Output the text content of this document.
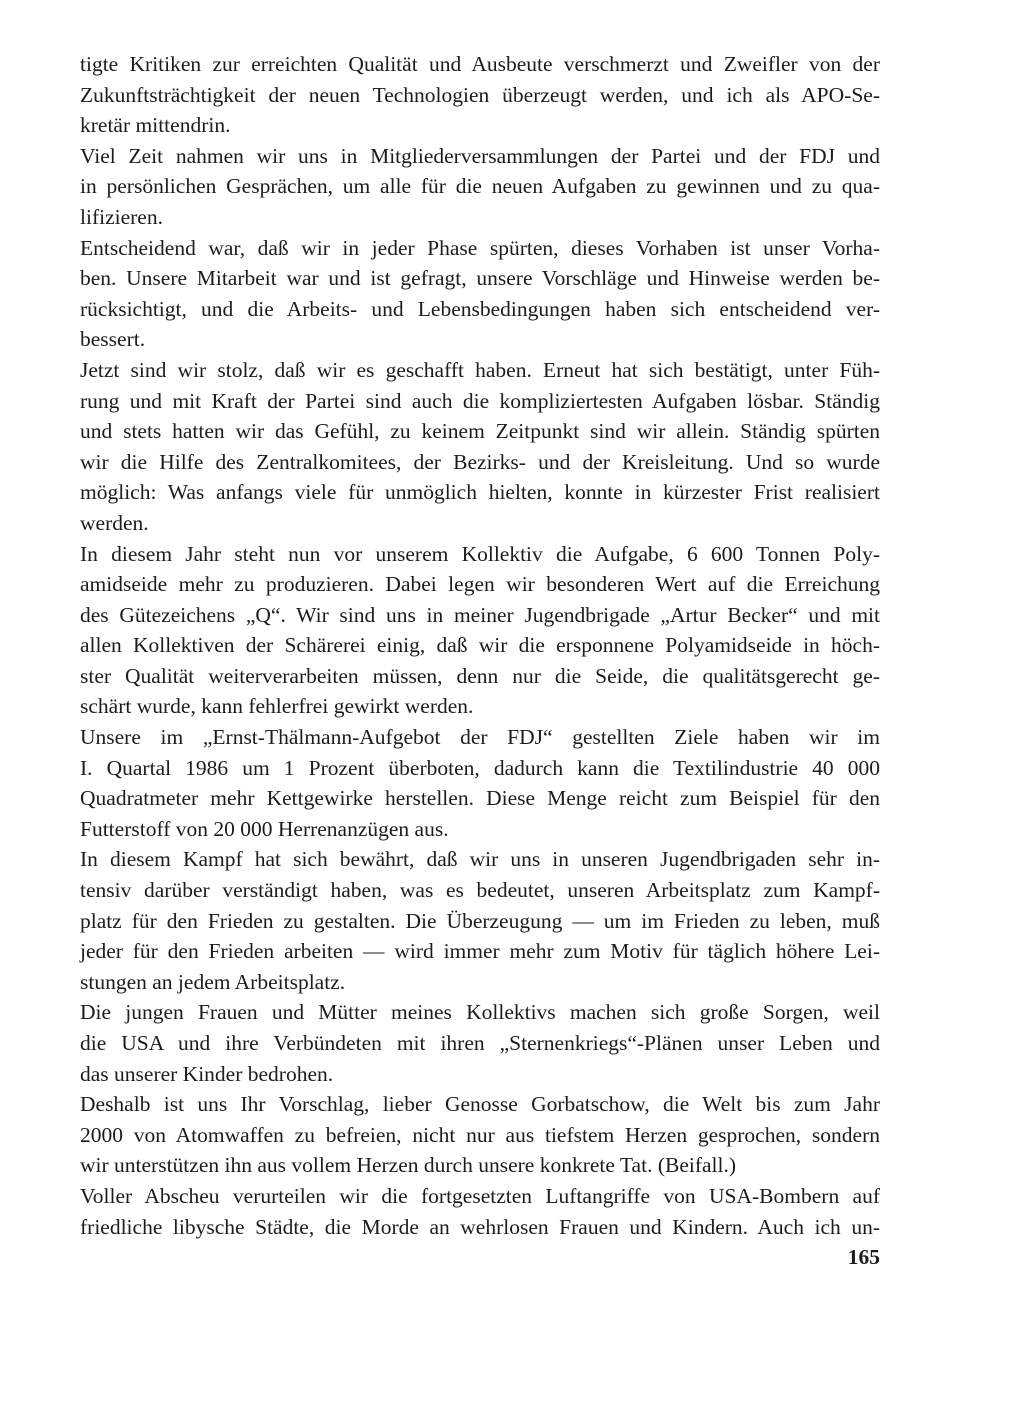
tigte Kritiken zur erreichten Qualität und Ausbeute verschmerzt und Zweifler von der
Zukunftsträchtigkeit der neuen Technologien überzeugt werden, und ich als APO-Se-
kretär mittendrin.
Viel Zeit nahmen wir uns in Mitgliederversammlungen der Partei und der FDJ und
in persönlichen Gesprächen, um alle für die neuen Aufgaben zu gewinnen und zu qua-
lifizieren.
Entscheidend war, daß wir in jeder Phase spürten, dieses Vorhaben ist unser Vorha-
ben. Unsere Mitarbeit war und ist gefragt, unsere Vorschläge und Hinweise werden be-
rücksichtigt, und die Arbeits- und Lebensbedingungen haben sich entscheidend ver-
bessert.
Jetzt sind wir stolz, daß wir es geschafft haben. Erneut hat sich bestätigt, unter Füh-
rung und mit Kraft der Partei sind auch die kompliziertesten Aufgaben lösbar. Ständig
und stets hatten wir das Gefühl, zu keinem Zeitpunkt sind wir allein. Ständig spürten
wir die Hilfe des Zentralkomitees, der Bezirks- und der Kreisleitung. Und so wurde
möglich: Was anfangs viele für unmöglich hielten, konnte in kürzester Frist realisiert
werden.
In diesem Jahr steht nun vor unserem Kollektiv die Aufgabe, 6 600 Tonnen Poly-
amidseide mehr zu produzieren. Dabei legen wir besonderen Wert auf die Erreichung
des Gütezeichens „Q“. Wir sind uns in meiner Jugendbrigade „Artur Becker“ und mit
allen Kollektiven der Schärerei einig, daß wir die ersponnene Polyamidseide in höch-
ster Qualität weiterverarbeiten müssen, denn nur die Seide, die qualitätsgerecht ge-
schärt wurde, kann fehlerfrei gewirkt werden.
Unsere im „Ernst-Thälmann-Aufgebot der FDJ“ gestellten Ziele haben wir im
I. Quartal 1986 um 1 Prozent überboten, dadurch kann die Textilindustrie 40 000
Quadratmeter mehr Kettgewirke herstellen. Diese Menge reicht zum Beispiel für den
Futterstoff von 20 000 Herrenanzügen aus.
In diesem Kampf hat sich bewährt, daß wir uns in unseren Jugendbrigaden sehr in-
tensiv darüber verständigt haben, was es bedeutet, unseren Arbeitsplatz zum Kampf-
platz für den Frieden zu gestalten. Die Überzeugung — um im Frieden zu leben, muß
jeder für den Frieden arbeiten — wird immer mehr zum Motiv für täglich höhere Lei-
stungen an jedem Arbeitsplatz.
Die jungen Frauen und Mütter meines Kollektivs machen sich große Sorgen, weil
die USA und ihre Verbündeten mit ihren „Sternenkriegs“-Plänen unser Leben und
das unserer Kinder bedrohen.
Deshalb ist uns Ihr Vorschlag, lieber Genosse Gorbatschow, die Welt bis zum Jahr
2000 von Atomwaffen zu befreien, nicht nur aus tiefstem Herzen gesprochen, sondern
wir unterstützen ihn aus vollem Herzen durch unsere konkrete Tat. (Beifall.)
Voller Abscheu verurteilen wir die fortgesetzten Luftangriffe von USA-Bombern auf
friedliche libysche Städte, die Morde an wehrlosen Frauen und Kindern. Auch ich un-
165
